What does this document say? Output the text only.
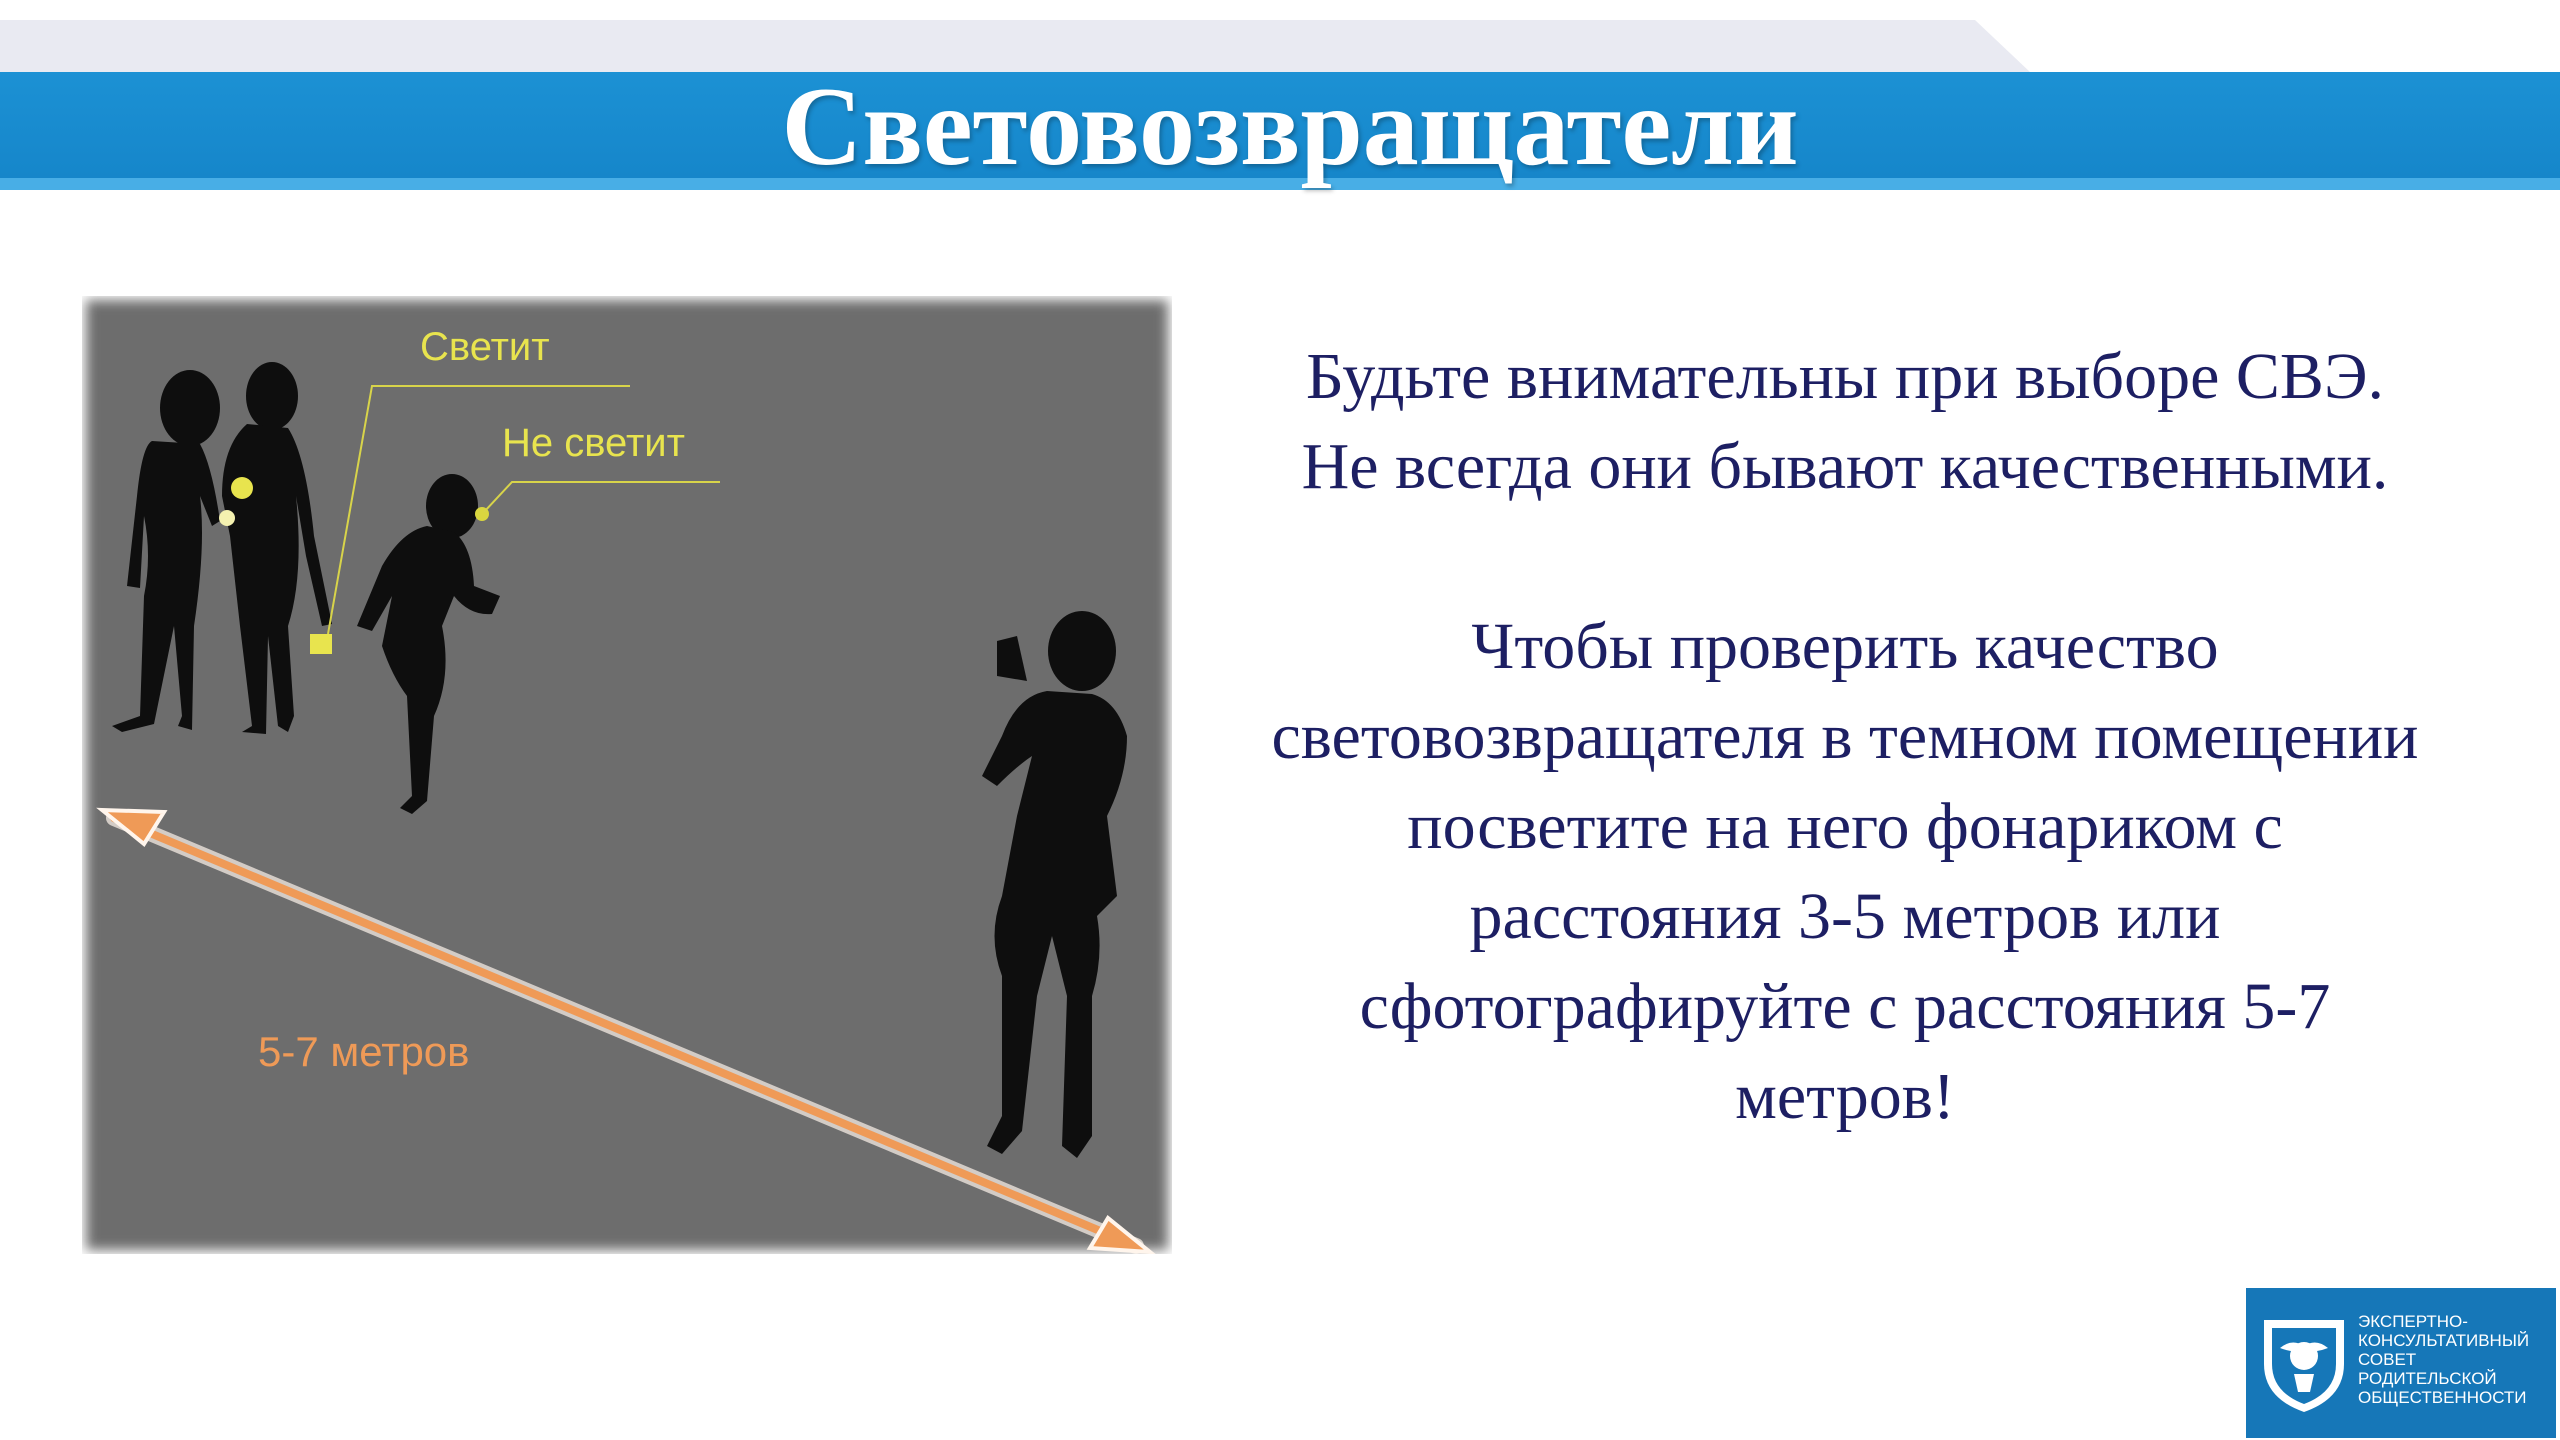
Световозвращатели
Светит
Не светит
5-7 метров

Будьте внимательны при выборе СВЭ.

Не всегда они бывают качественными.

Чтобы проверить качество

световозвращателя в темном помещении

посветите на него фонариком с

расстояния 3-5 метров или

сфотографируйте с расстояния 5-7

метров!

ЭКСПЕРТНО-
КОНСУЛЬТАТИВНЫЙ
СОВЕТ
РОДИТЕЛЬСКОЙ
ОБЩЕСТВЕННОСТИ
